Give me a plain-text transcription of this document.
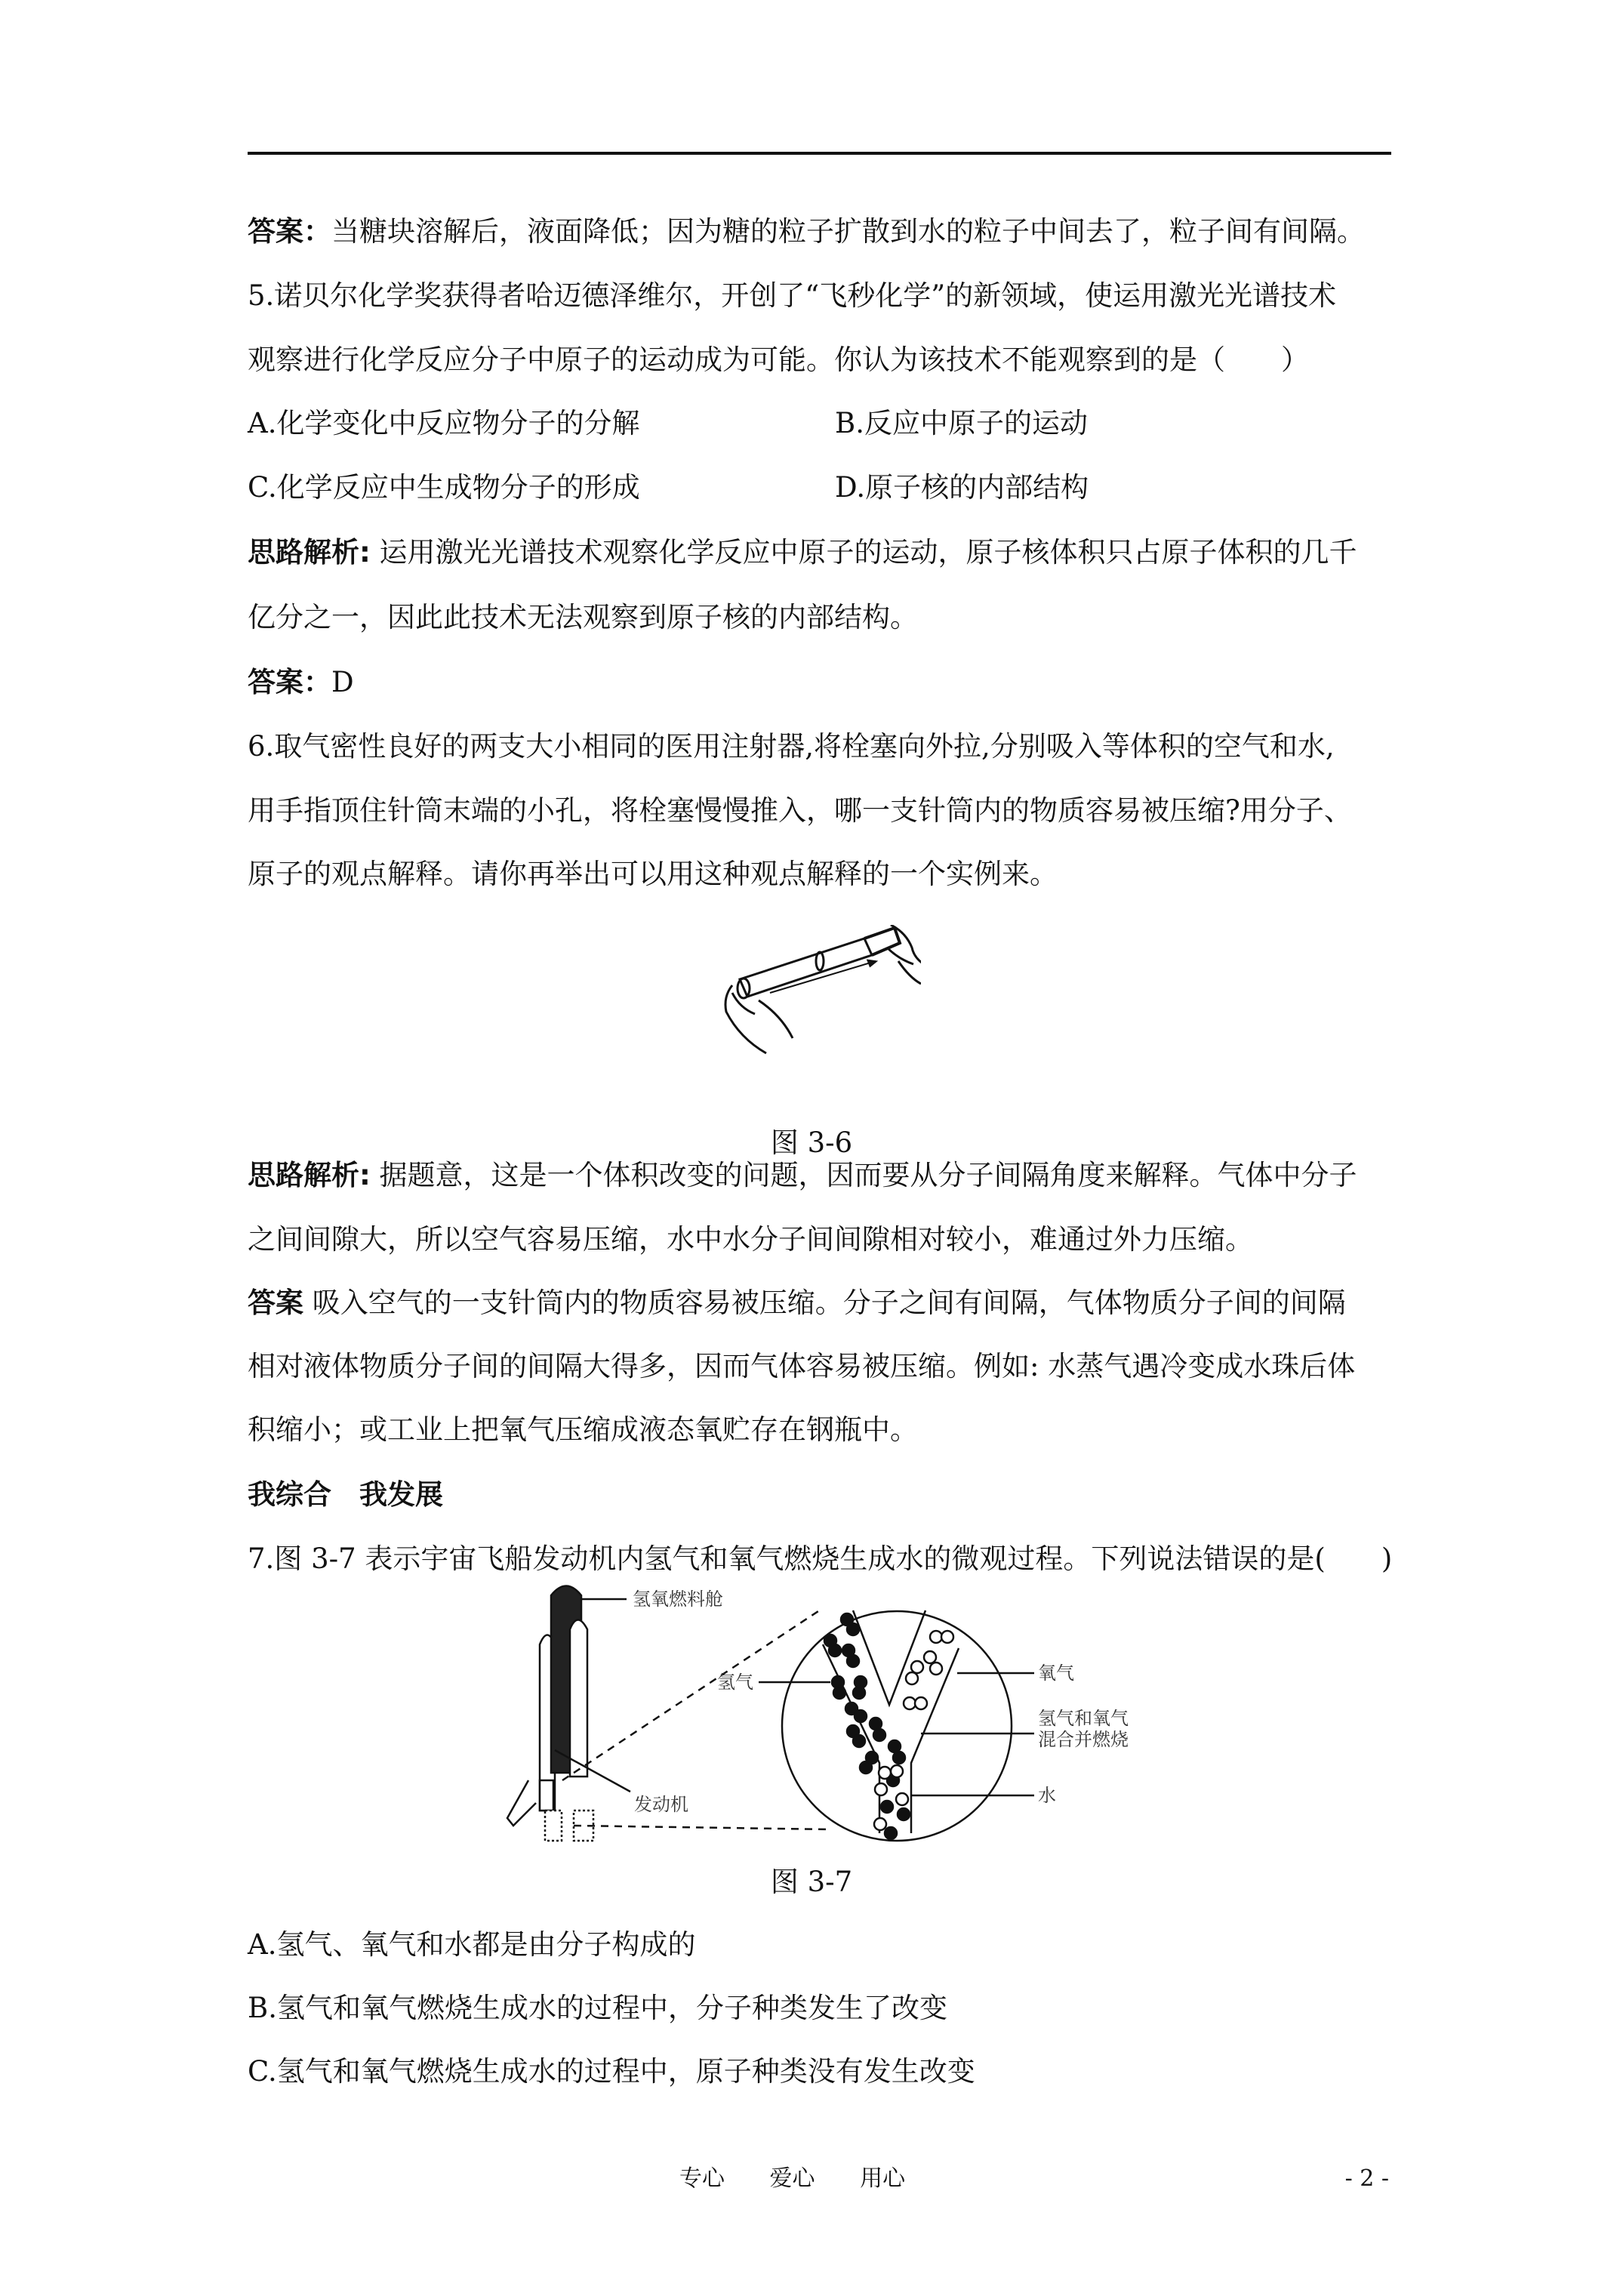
答案：当糖块溶解后，液面降低；因为糖的粒子扩散到水的粒子中间去了，粒子间有间隔。
5.诺贝尔化学奖获得者哈迈德泽维尔，开创了“飞秒化学”的新领域，使运用激光光谱技术
观察进行化学反应分子中原子的运动成为可能。你认为该技术不能观察到的是（　　）
A.化学变化中反应物分子的分解	B.反应中原子的运动
C.化学反应中生成物分子的形成	D.原子核的内部结构
思路解析: 运用激光光谱技术观察化学反应中原子的运动，原子核体积只占原子体积的几千
亿分之一，因此此技术无法观察到原子核的内部结构。
答案：D
6.取气密性良好的两支大小相同的医用注射器,将栓塞向外拉,分别吸入等体积的空气和水,
用手指顶住针筒末端的小孔，将栓塞慢慢推入，哪一支针筒内的物质容易被压缩?用分子、
原子的观点解释。请你再举出可以用这种观点解释的一个实例来。
图 3-6
思路解析: 据题意，这是一个体积改变的问题，因而要从分子间隔角度来解释。气体中分子
之间间隙大，所以空气容易压缩，水中水分子间间隙相对较小，难通过外力压缩。
答案 吸入空气的一支针筒内的物质容易被压缩。分子之间有间隔，气体物质分子间的间隔
相对液体物质分子间的间隔大得多，因而气体容易被压缩。例如: 水蒸气遇冷变成水珠后体
积缩小；或工业上把氧气压缩成液态氧贮存在钢瓶中。
我综合　我发展
7.图 3-7 表示宇宙飞船发动机内氢气和氧气燃烧生成水的微观过程。下列说法错误的是(　　)
氢氧燃料舱
氢气	氧气
氢气和氧气
混合并燃烧
水
发动机
图 3-7
A.氢气、氧气和水都是由分子构成的
B.氢气和氧气燃烧生成水的过程中，分子种类发生了改变
C.氢气和氧气燃烧生成水的过程中，原子种类没有发生改变
专心 爱心 用心	- 2 -
